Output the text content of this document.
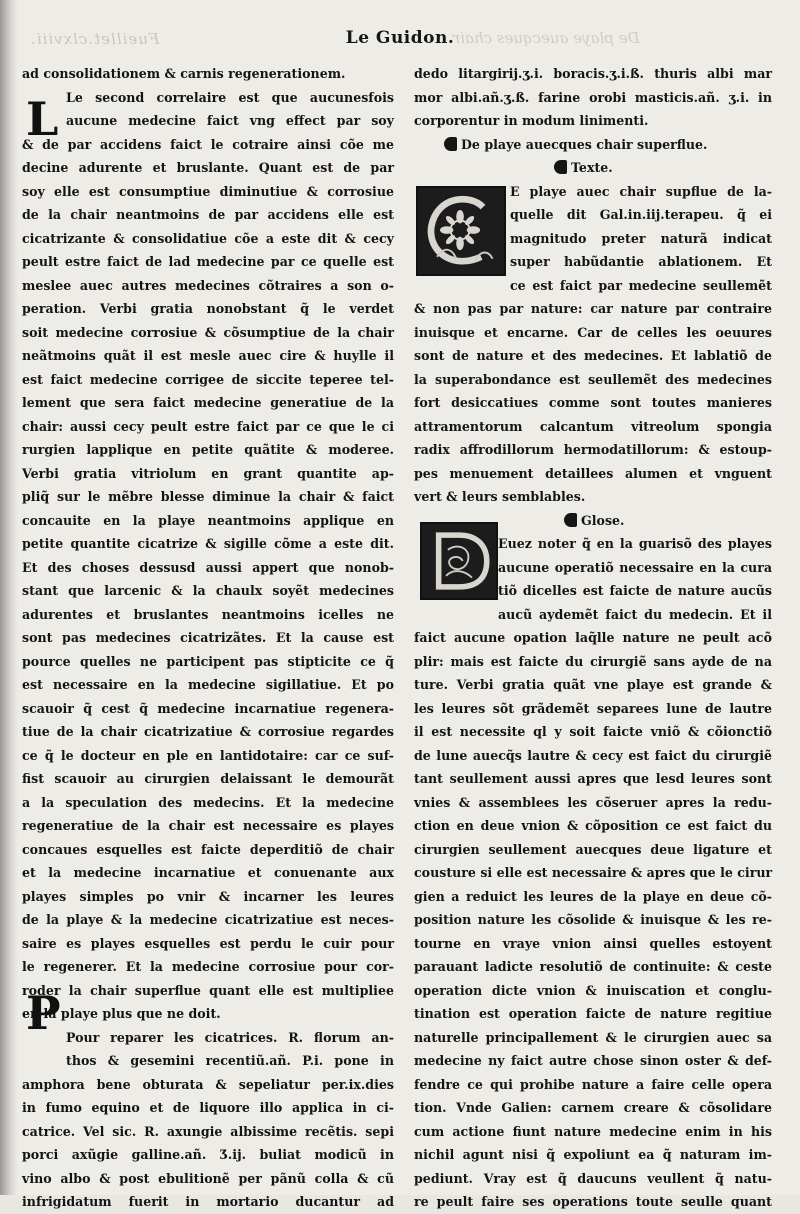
Fueillet.clxviii.	Le Guidon.
De playe auecques chair
ad consolidationem & carnis regenerationem.
Le second correlaire est que aucunesfois
aucune medecine faict vng effect par soy
& de par accidens faict le cotraire ainsi cõe me
decine adurente et bruslante. Quant est de par
soy elle est consumptiue diminutiue & corrosiue
de la chair neantmoins de par accidens elle est
cicatrizante & consolidatiue cõe a este dit & cecy
peult estre faict de lad medecine par ce quelle est
meslee auec autres medecines cõtraires a son o-
peration. Verbi gratia nonobstant q̃ le verdet
soit medecine corrosiue & cõsumptiue de la chair
neãtmoins quãt il est mesle auec cire & huylle il
est faict medecine corrigee de siccite teperee tel-
lement que sera faict medecine generatiue de la
chair: aussi cecy peult estre faict par ce que le ci
rurgien lapplique en petite quãtite & moderee.
Verbi gratia vitriolum en grant quantite ap-
pliq̃ sur le mẽbre blesse diminue la chair & faict
concauite en la playe neantmoins applique en
petite quantite cicatrize & sigille cõme a este dit.
Et des choses dessusd aussi appert que nonob-
stant que larcenic & la chaulx soyẽt medecines
adurentes et bruslantes neantmoins icelles ne
sont pas medecines cicatrizãtes. Et la cause est
pource quelles ne participent pas stipticite ce q̃
est necessaire en la medecine sigillatiue. Et po
scauoir q̃ cest q̃ medecine incarnatiue regenera-
tiue de la chair cicatrizatiue & corrosiue regardes
ce q̃ le docteur en ple en lantidotaire: car ce suf-
fist scauoir au cirurgien delaissant le demourãt
a la speculation des medecins. Et la medecine
regeneratiue de la chair est necessaire es playes
concaues esquelles est faicte deperditiõ de chair
et la medecine incarnatiue et conuenante aux
playes simples po vnir & incarner les leures
de la playe & la medecine cicatrizatiue est neces-
saire es playes esquelles est perdu le cuir pour
le regenerer. Et la medecine corrosiue pour cor-
roder la chair superflue quant elle est multipliee
en la playe plus que ne doit.
Pour reparer les cicatrices. R. florum an-
thos & gesemini recentiũ.añ. P.i. pone in
amphora bene obturata & sepeliatur per.ix.dies
in fumo equino et de liquore illo applica in ci-
catrice. Vel sic. R. axungie albissime recẽtis. sepi
porci axũgie galline.añ. Ʒ.ij. buliat modicũ in
vino albo & post ebulitionẽ per pãnũ colla & cũ
infrigidatum fuerit in mortario ducantur ad
L
P
dedo litargirij.ʒ.i. boracis.ʒ.i.ß. thuris albi mar
mor albi.añ.ʒ.ß. farine orobi masticis.añ. ʒ.i. in
corporentur in modum linimenti.
De playe auecques chair superflue.
Texte.
E playe auec chair supflue de la-
quelle dit Gal.in.iij.terapeu. q̃ ei
magnitudo preter naturã indicat
super habũdantie ablationem. Et
ce est faict par medecine seullemẽt
& non pas par nature: car nature par contraire
inuisque et encarne. Car de celles les oeuures
sont de nature et des medecines. Et lablatiõ de
la superabondance est seullemẽt des medecines
fort desiccatiues comme sont toutes manieres
attramentorum calcantum vitreolum spongia
radix affrodillorum hermodatillorum: & estoup-
pes menuement detaillees alumen et vnguent
vert & leurs semblables.
Glose.
Euez noter q̃ en la guarisõ des playes
aucune operatiõ necessaire en la cura
tiõ dicelles est faicte de nature aucũs
aucũ aydemẽt faict du medecin. Et il
faict aucune opation laq̃lle nature ne peult acõ
plir: mais est faicte du cirurgiẽ sans ayde de na
ture. Verbi gratia quãt vne playe est grande &
les leures sõt grãdemẽt separees lune de lautre
il est necessite ql y soit faicte vniõ & cõionctiõ
de lune auecq̃s lautre & cecy est faict du cirurgiẽ
tant seullement aussi apres que lesd leures sont
vnies & assemblees les cõseruer apres la redu-
ction en deue vnion & cõposition ce est faict du
cirurgien seullement auecques deue ligature et
cousture si elle est necessaire & apres que le cirur
gien a reduict les leures de la playe en deue cõ-
position nature les cõsolide & inuisque & les re-
tourne en vraye vnion ainsi quelles estoyent
parauant ladicte resolutiõ de continuite: & ceste
operation dicte vnion & inuiscation et conglu-
tination est operation faicte de nature regitiue
naturelle principallement & le cirurgien auec sa
medecine ny faict autre chose sinon oster & def-
fendre ce qui prohibe nature a faire celle opera
tion. Vnde Galien: carnem creare & cõsolidare
cum actione fiunt nature medecine enim in his
nichil agunt nisi q̃ expoliunt ea q̃ naturam im-
pediunt. Vray est q̃ daucuns veullent q̃ natu-
re peult faire ses operations toute seulle quant
